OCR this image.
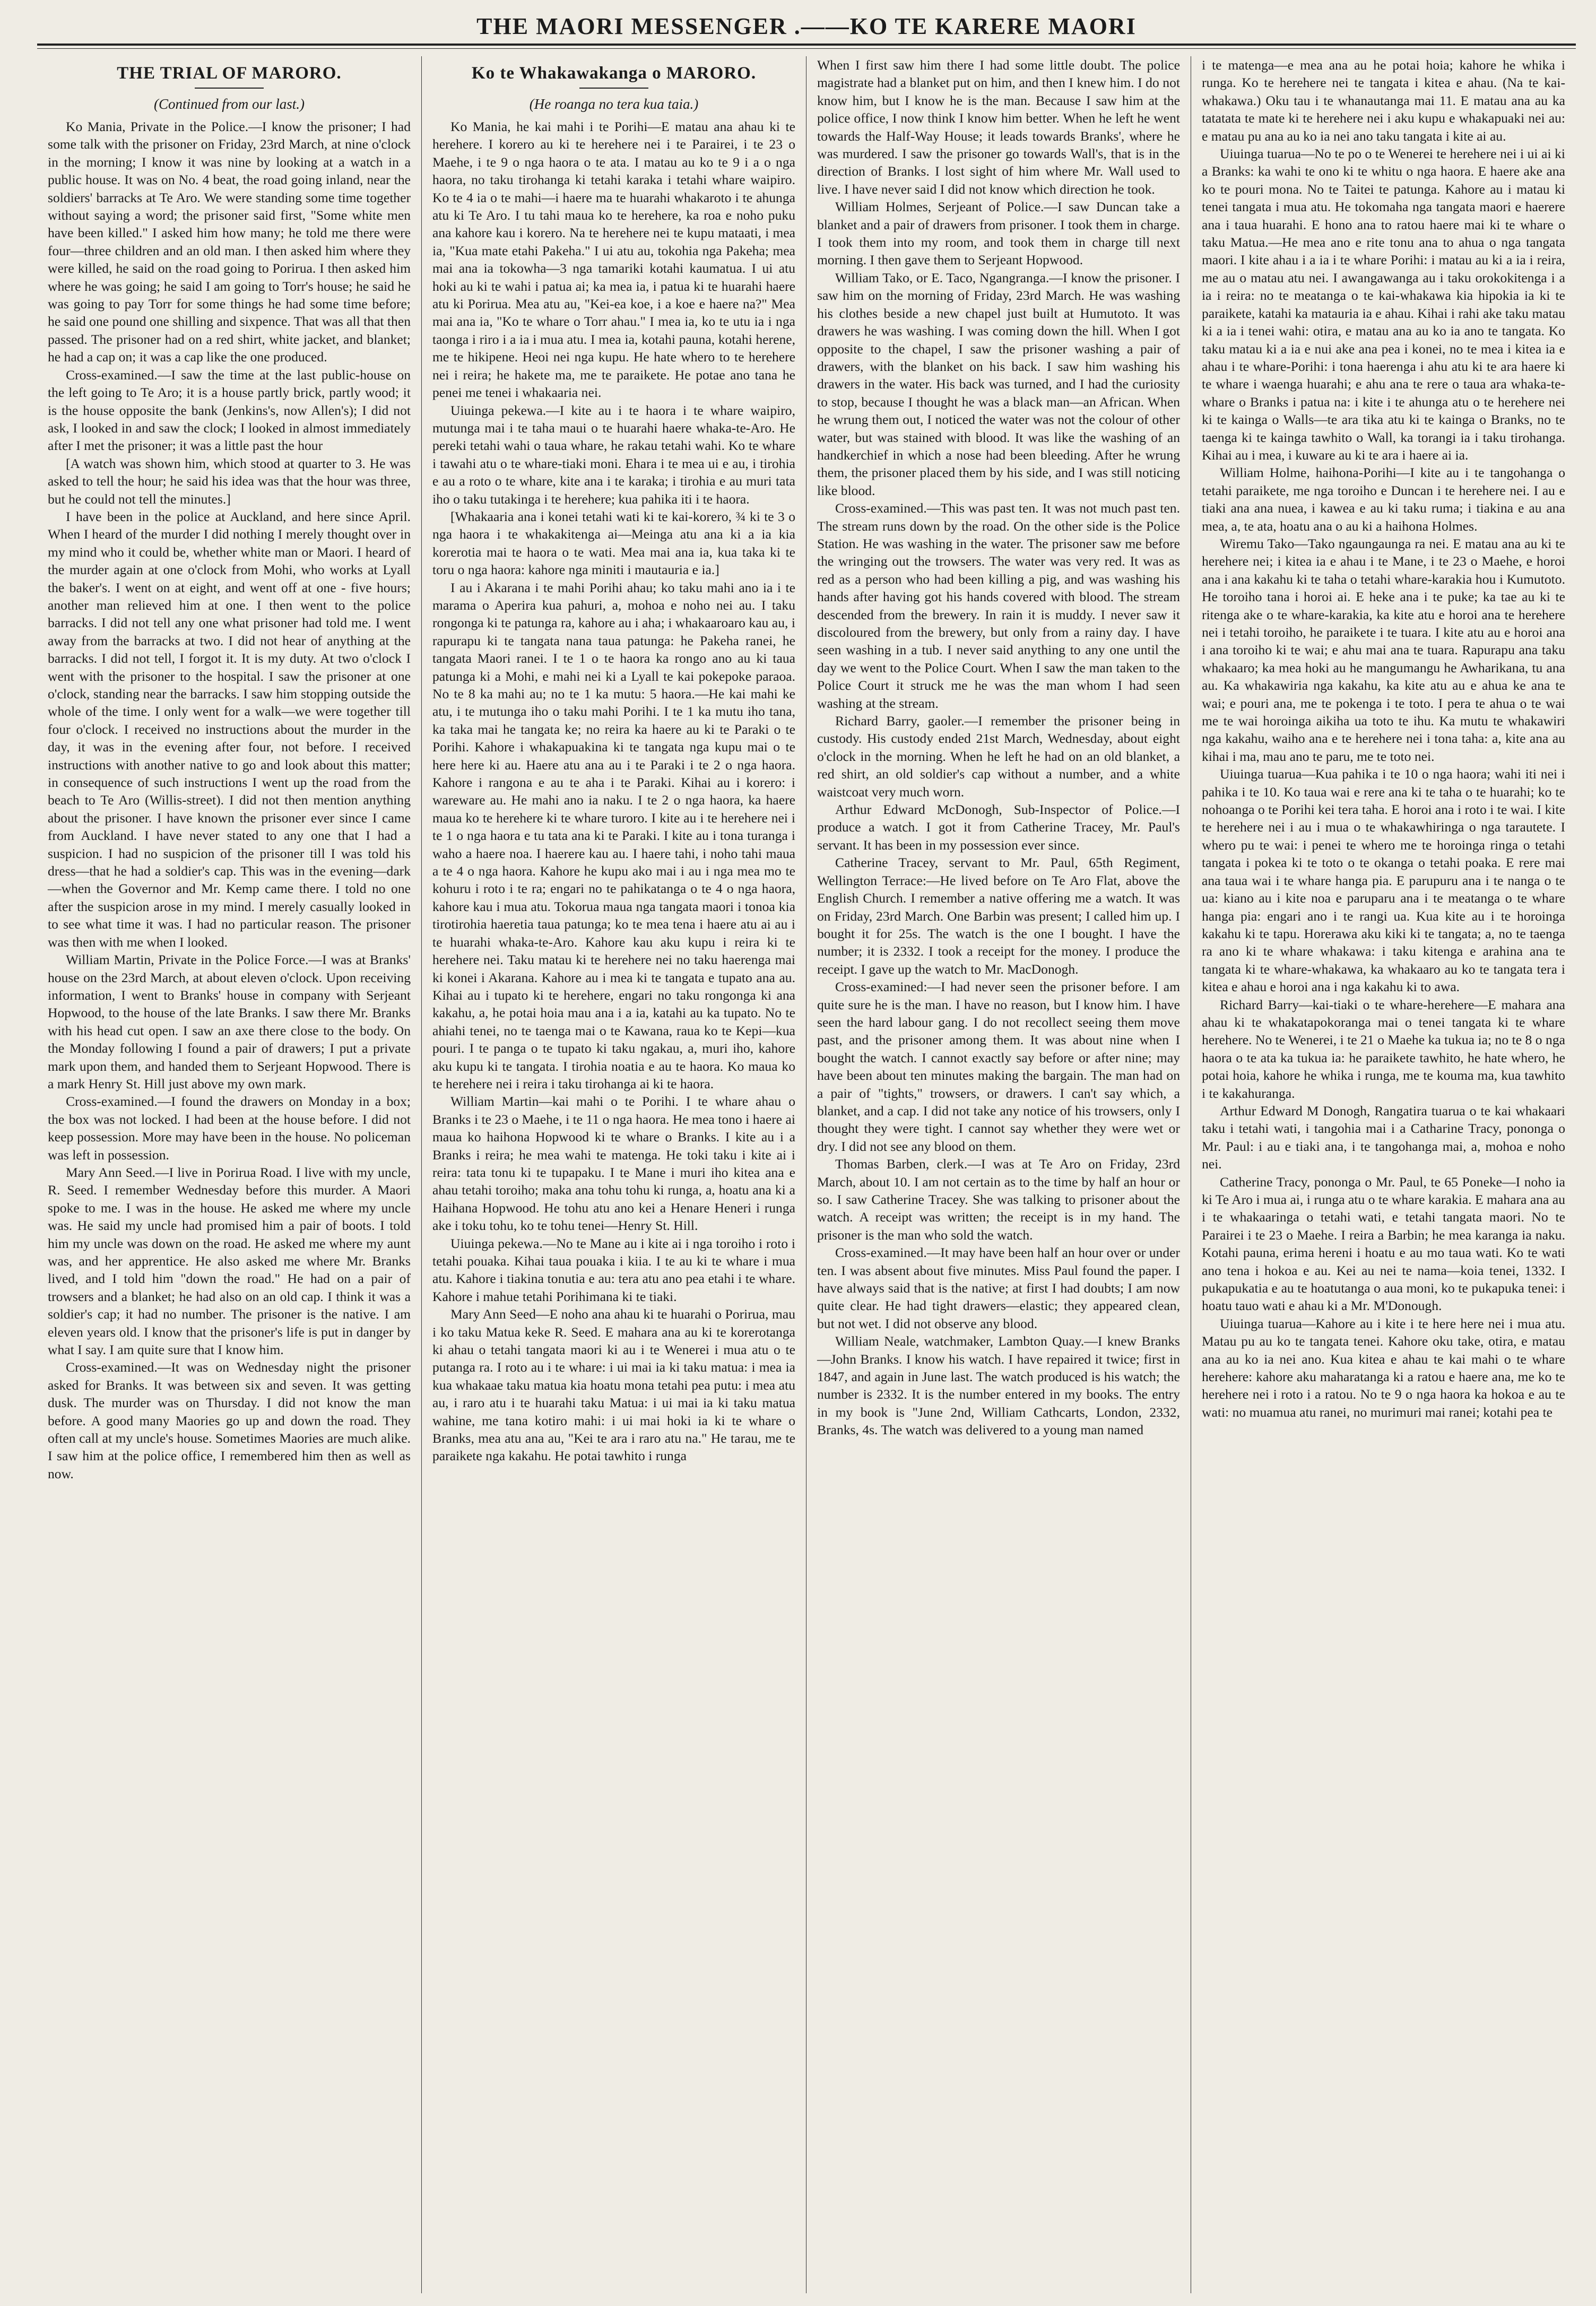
THE MAORI MESSENGER .——KO TE KARERE MAORI
THE TRIAL OF MARORO.
(Continued from our last.)

Ko Mania, Private in the Police.—I know the prisoner; I had some talk with the prisoner on Friday, 23rd March, at nine o'clock in the morning; I know it was nine by looking at a watch in a public house. It was on No. 4 beat, the road going inland, near the soldiers' barracks at Te Aro. We were standing some time together without saying a word; the prisoner said first, "Some white men have been killed." I asked him how many; he told me there were four—three children and an old man. I then asked him where they were killed, he said on the road going to Porirua. I then asked him where he was going; he said I am going to Torr's house; he said he was going to pay Torr for some things he had some time before; he said one pound one shilling and sixpence. That was all that then passed. The prisoner had on a red shirt, white jacket, and blanket; he had a cap on; it was a cap like the one produced.

Cross-examined.—I saw the time at the last public-house on the left going to Te Aro; it is a house partly brick, partly wood; it is the house opposite the bank (Jenkins's, now Allen's); I did not ask, I looked in and saw the clock; I looked in almost immediately after I met the prisoner; it was a little past the hour

[A watch was shown him, which stood at quarter to 3. He was asked to tell the hour; he said his idea was that the hour was three, but he could not tell the minutes.]

I have been in the police at Auckland, and here since April. When I heard of the murder I did nothing I merely thought over in my mind who it could be, whether white man or Maori. I heard of the murder again at one o'clock from Mohi, who works at Lyall the baker's. I went on at eight, and went off at one - five hours; another man relieved him at one. I then went to the police barracks. I did not tell any one what prisoner had told me. I went away from the barracks at two. I did not hear of anything at the barracks. I did not tell, I forgot it. It is my duty. At two o'clock I went with the prisoner to the hospital. I saw the prisoner at one o'clock, standing near the barracks. I saw him stopping outside the whole of the time. I only went for a walk—we were together till four o'clock. I received no instructions about the murder in the day, it was in the evening after four, not before. I received instructions with another native to go and look about this matter; in consequence of such instructions I went up the road from the beach to Te Aro (Willis-street). I did not then mention anything about the prisoner. I have known the prisoner ever since I came from Auckland. I have never stated to any one that I had a suspicion. I had no suspicion of the prisoner till I was told his dress—that he had a soldier's cap. This was in the evening—dark—when the Governor and Mr. Kemp came there. I told no one after the suspicion arose in my mind. I merely casually looked in to see what time it was. I had no particular reason. The prisoner was then with me when I looked.

William Martin, Private in the Police Force.—I was at Branks' house on the 23rd March, at about eleven o'clock. Upon receiving information, I went to Branks' house in company with Serjeant Hopwood, to the house of the late Branks. I saw there Mr. Branks with his head cut open. I saw an axe there close to the body. On the Monday following I found a pair of drawers; I put a private mark upon them, and handed them to Serjeant Hopwood. There is a mark Henry St. Hill just above my own mark.

Cross-examined.—I found the drawers on Monday in a box; the box was not locked. I had been at the house before. I did not keep possession. More may have been in the house. No policeman was left in possession.

Mary Ann Seed.—I live in Porirua Road. I live with my uncle, R. Seed. I remember Wednesday before this murder. A Maori spoke to me. I was in the house. He asked me where my uncle was. He said my uncle had promised him a pair of boots. I told him my uncle was down on the road. He asked me where my aunt was, and her apprentice. He also asked me where Mr. Branks lived, and I told him "down the road." He had on a pair of trowsers and a blanket; he had also on an old cap. I think it was a soldier's cap; it had no number. The prisoner is the native. I am eleven years old. I know that the prisoner's life is put in danger by what I say. I am quite sure that I know him.

Cross-examined.—It was on Wednesday night the prisoner asked for Branks. It was between six and seven. It was getting dusk. The murder was on Thursday. I did not know the man before. A good many Maories go up and down the road. They often call at my uncle's house. Sometimes Maories are much alike. I saw him at the police office, I remembered him then as well as now.

Ko te Whakawakanga o MARORO.
(He roanga no tera kua taia.)

Ko Mania, he kai mahi i te Porihi—E matau ana ahau ki te herehere. I korero au ki te herehere nei i te Parairei, i te 23 o Maehe, i te 9 o nga haora o te ata. I matau au ko te 9 i a o nga haora, no taku tirohanga ki tetahi karaka i tetahi whare waipiro. Ko te 4 ia o te mahi—i haere ma te huarahi whakaroto i te ahunga atu ki Te Aro. I tu tahi maua ko te herehere, ka roa e noho puku ana kahore kau i korero. Na te herehere nei te kupu mataati, i mea ia, "Kua mate etahi Pakeha." I ui atu au, tokohia nga Pakeha; mea mai ana ia tokowha—3 nga tamariki kotahi kaumatua. I ui atu hoki au ki te wahi i patua ai; ka mea ia, i patua ki te huarahi haere atu ki Porirua. Mea atu au, "Kei-ea koe, i a koe e haere na?" Mea mai ana ia, "Ko te whare o Torr ahau." I mea ia, ko te utu ia i nga taonga i riro i a ia i mua atu. I mea ia, kotahi pauna, kotahi herene, me te hikipene. Heoi nei nga kupu. He hate whero to te herehere nei i reira; he hakete ma, me te paraikete. He potae ano tana he penei me tenei i whakaaria nei.

Uiuinga pekewa.—I kite au i te haora i te whare waipiro, mutunga mai i te taha maui o te huarahi haere whaka-te-Aro. He pereki tetahi wahi o taua whare, he rakau tetahi wahi. Ko te whare i tawahi atu o te whare-tiaki moni. Ehara i te mea ui e au, i tirohia e au a roto o te whare, kite ana i te karaka; i tirohia e au muri tata iho o taku tutakinga i te herehere; kua pahika iti i te haora.

[Whakaaria ana i konei tetahi wati ki te kai-korero, ¾ ki te 3 o nga haora i te whakakitenga ai—Meinga atu ana ki a ia kia korerotia mai te haora o te wati. Mea mai ana ia, kua taka ki te toru o nga haora: kahore nga miniti i mautauria e ia.]

I au i Akarana i te mahi Porihi ahau; ko taku mahi ano ia i te marama o Aperira kua pahuri, a, mohoa e noho nei au. I taku rongonga ki te patunga ra, kahore au i aha; i whakaaroaro kau au, i rapurapu ki te tangata nana taua patunga: he Pakeha ranei, he tangata Maori ranei. I te 1 o te haora ka rongo ano au ki taua patunga ki a Mohi, e mahi nei ki a Lyall te kai pokepoke paraoa. No te 8 ka mahi au; no te 1 ka mutu: 5 haora.—He kai mahi ke atu, i te mutunga iho o taku mahi Porihi. I te 1 ka mutu iho tana, ka taka mai he tangata ke; no reira ka haere au ki te Paraki o te Porihi. Kahore i whakapuakina ki te tangata nga kupu mai o te here here ki au. Haere atu ana au i te Paraki i te 2 o nga haora. Kahore i rangona e au te aha i te Paraki. Kihai au i korero: i wareware au. He mahi ano ia naku. I te 2 o nga haora, ka haere maua ko te herehere ki te whare turoro. I kite au i te herehere nei i te 1 o nga haora e tu tata ana ki te Paraki. I kite au i tona turanga i waho a haere noa. I haerere kau au. I haere tahi, i noho tahi maua a te 4 o nga haora. Kahore he kupu ako mai i au i nga mea mo te kohuru i roto i te ra; engari no te pahikatanga o te 4 o nga haora, kahore kau i mua atu. Tokorua maua nga tangata maori i tonoa kia tirotirohia haeretia taua patunga; ko te mea tena i haere atu ai au i te huarahi whaka-te-Aro. Kahore kau aku kupu i reira ki te herehere nei. Taku matau ki te herehere nei no taku haerenga mai ki konei i Akarana. Kahore au i mea ki te tangata e tupato ana au. Kihai au i tupato ki te herehere, engari no taku rongonga ki ana kakahu, a, he potai hoia mau ana i a ia, katahi au ka tupato. No te ahiahi tenei, no te taenga mai o te Kawana, raua ko te Kepi—kua pouri. I te panga o te tupato ki taku ngakau, a, muri iho, kahore aku kupu ki te tangata. I tirohia noatia e au te haora. Ko maua ko te herehere nei i reira i taku tirohanga ai ki te haora.

William Martin—kai mahi o te Porihi. I te whare ahau o Branks i te 23 o Maehe, i te 11 o nga haora. He mea tono i haere ai maua ko haihona Hopwood ki te whare o Branks. I kite au i a Branks i reira; he mea wahi te matenga. He toki taku i kite ai i reira: tata tonu ki te tupapaku. I te Mane i muri iho kitea ana e ahau tetahi toroiho; maka ana tohu tohu ki runga, a, hoatu ana ki a Haihana Hopwood. He tohu atu ano kei a Henare Heneri i runga ake i toku tohu, ko te tohu tenei—Henry St. Hill.

Uiuinga pekewa.—No te Mane au i kite ai i nga toroiho i roto i tetahi pouaka. Kihai taua pouaka i kiia. I te au ki te whare i mua atu. Kahore i tiakina tonutia e au: tera atu ano pea etahi i te whare. Kahore i mahue tetahi Porihimana ki te tiaki.

Mary Ann Seed—E noho ana ahau ki te huarahi o Porirua, mau i ko taku Matua keke R. Seed. E mahara ana au ki te korerotanga ki ahau o tetahi tangata maori ki au i te Wenerei i mua atu o te putanga ra. I roto au i te whare: i ui mai ia ki taku matua: i mea ia kua whakaae taku matua kia hoatu mona tetahi pea putu: i mea atu au, i raro atu i te huarahi taku Matua: i ui mai ia ki taku matua wahine, me tana kotiro mahi: i ui mai hoki ia ki te whare o Branks, mea atu ana au, "Kei te ara i raro atu na." He tarau, me te paraikete nga kakahu. He potai tawhito i runga

When I first saw him there I had some little doubt. The police magistrate had a blanket put on him, and then I knew him. I do not know him, but I know he is the man. Because I saw him at the police office, I now think I know him better. When he left he went towards the Half-Way House; it leads towards Branks', where he was murdered. I saw the prisoner go towards Wall's, that is in the direction of Branks. I lost sight of him where Mr. Wall used to live. I have never said I did not know which direction he took.

William Holmes, Serjeant of Police.—I saw Duncan take a blanket and a pair of drawers from prisoner. I took them in charge. I took them into my room, and took them in charge till next morning. I then gave them to Serjeant Hopwood.

William Tako, or E. Taco, Ngangranga.—I know the prisoner. I saw him on the morning of Friday, 23rd March. He was washing his clothes beside a new chapel just built at Humutoto. It was drawers he was washing. I was coming down the hill. When I got opposite to the chapel, I saw the prisoner washing a pair of drawers, with the blanket on his back. I saw him washing his drawers in the water. His back was turned, and I had the curiosity to stop, because I thought he was a black man—an African. When he wrung them out, I noticed the water was not the colour of other water, but was stained with blood. It was like the washing of an handkerchief in which a nose had been bleeding. After he wrung them, the prisoner placed them by his side, and I was still noticing like blood.

Cross-examined.—This was past ten. It was not much past ten. The stream runs down by the road. On the other side is the Police Station. He was washing in the water. The prisoner saw me before the wringing out the trowsers. The water was very red. It was as red as a person who had been killing a pig, and was washing his hands after having got his hands covered with blood. The stream descended from the brewery. In rain it is muddy. I never saw it discoloured from the brewery, but only from a rainy day. I have seen washing in a tub. I never said anything to any one until the day we went to the Police Court. When I saw the man taken to the Police Court it struck me he was the man whom I had seen washing at the stream.

Richard Barry, gaoler.—I remember the prisoner being in custody. His custody ended 21st March, Wednesday, about eight o'clock in the morning. When he left he had on an old blanket, a red shirt, an old soldier's cap without a number, and a white waistcoat very much worn.

Arthur Edward McDonogh, Sub-Inspector of Police.—I produce a watch. I got it from Catherine Tracey, Mr. Paul's servant. It has been in my possession ever since.

Catherine Tracey, servant to Mr. Paul, 65th Regiment, Wellington Terrace:—He lived before on Te Aro Flat, above the English Church. I remember a native offering me a watch. It was on Friday, 23rd March. One Barbin was present; I called him up. I bought it for 25s. The watch is the one I bought. I have the number; it is 2332. I took a receipt for the money. I produce the receipt. I gave up the watch to Mr. MacDonogh.

Cross-examined:—I had never seen the prisoner before. I am quite sure he is the man. I have no reason, but I know him. I have seen the hard labour gang. I do not recollect seeing them move past, and the prisoner among them. It was about nine when I bought the watch. I cannot exactly say before or after nine; may have been about ten minutes making the bargain. The man had on a pair of "tights," trowsers, or drawers. I can't say which, a blanket, and a cap. I did not take any notice of his trowsers, only I thought they were tight. I cannot say whether they were wet or dry. I did not see any blood on them.

Thomas Barben, clerk.—I was at Te Aro on Friday, 23rd March, about 10. I am not certain as to the time by half an hour or so. I saw Catherine Tracey. She was talking to prisoner about the watch. A receipt was written; the receipt is in my hand. The prisoner is the man who sold the watch.

Cross-examined.—It may have been half an hour over or under ten. I was absent about five minutes. Miss Paul found the paper. I have always said that is the native; at first I had doubts; I am now quite clear. He had tight drawers—elastic; they appeared clean, but not wet. I did not observe any blood.

William Neale, watchmaker, Lambton Quay.—I knew Branks—John Branks. I know his watch. I have repaired it twice; first in 1847, and again in June last. The watch produced is his watch; the number is 2332. It is the number entered in my books. The entry in my book is "June 2nd, William Cathcarts, London, 2332, Branks, 4s. The watch was delivered to a young man named

i te matenga—e mea ana au he potai hoia; kahore he whika i runga. Ko te herehere nei te tangata i kitea e ahau. (Na te kai-whakawa.) Oku tau i te whanautanga mai 11. E matau ana au ka tatatata te mate ki te herehere nei i aku kupu e whakapuaki nei au: e matau pu ana au ko ia nei ano taku tangata i kite ai au.

Uiuinga tuarua—No te po o te Wenerei te herehere nei i ui ai ki a Branks: ka wahi te ono ki te whitu o nga haora. E haere ake ana ko te pouri mona. No te Taitei te patunga. Kahore au i matau ki tenei tangata i mua atu. He tokomaha nga tangata maori e haerere ana i taua huarahi. E hono ana to ratou haere mai ki te whare o taku Matua.—He mea ano e rite tonu ana to ahua o nga tangata maori. I kite ahau i a ia i te whare Porihi: i matau au ki a ia i reira, me au o matau atu nei. I awangawanga au i taku orokokitenga i a ia i reira: no te meatanga o te kai-whakawa kia hipokia ia ki te paraikete, katahi ka matauria ia e ahau. Kihai i rahi ake taku matau ki a ia i tenei wahi: otira, e matau ana au ko ia ano te tangata. Ko taku matau ki a ia e nui ake ana pea i konei, no te mea i kitea ia e ahau i te whare-Porihi: i tona haerenga i ahu atu ki te ara haere ki te whare i waenga huarahi; e ahu ana te rere o taua ara whaka-te-whare o Branks i patua na: i kite i te ahunga atu o te herehere nei ki te kainga o Walls—te ara tika atu ki te kainga o Branks, no te taenga ki te kainga tawhito o Wall, ka torangi ia i taku tirohanga. Kihai au i mea, i kuware au ki te ara i haere ai ia.

William Holme, haihona-Porihi—I kite au i te tangohanga o tetahi paraikete, me nga toroiho e Duncan i te herehere nei. I au e tiaki ana ana nuea, i kawea e au ki taku ruma; i tiakina e au ana mea, a, te ata, hoatu ana o au ki a haihona Holmes.

Wiremu Tako—Tako ngaungaunga ra nei. E matau ana au ki te herehere nei; i kitea ia e ahau i te Mane, i te 23 o Maehe, e horoi ana i ana kakahu ki te taha o tetahi whare-karakia hou i Kumutoto. He toroiho tana i horoi ai. E heke ana i te puke; ka tae au ki te ritenga ake o te whare-karakia, ka kite atu e horoi ana te herehere nei i tetahi toroiho, he paraikete i te tuara. I kite atu au e horoi ana i ana toroiho ki te wai; e ahu mai ana te tuara. Rapurapu ana taku whakaaro; ka mea hoki au he mangumangu he Awharikana, tu ana au. Ka whakawiria nga kakahu, ka kite atu au e ahua ke ana te wai; e pouri ana, me te pokenga i te toto. I pera te ahua o te wai me te wai horoinga aikiha ua toto te ihu. Ka mutu te whakawiri nga kakahu, waiho ana e te herehere nei i tona taha: a, kite ana au kihai i ma, mau ano te paru, me te toto nei.

Uiuinga tuarua—Kua pahika i te 10 o nga haora; wahi iti nei i pahika i te 10. Ko taua wai e rere ana ki te taha o te huarahi; ko te nohoanga o te Porihi kei tera taha. E horoi ana i roto i te wai. I kite te herehere nei i au i mua o te whakawhiringa o nga tarautete. I whero pu te wai: i penei te whero me te horoinga ringa o tetahi tangata i pokea ki te toto o te okanga o tetahi poaka. E rere mai ana taua wai i te whare hanga pia. E parupuru ana i te nanga o te ua: kiano au i kite noa e paruparu ana i te meatanga o te whare hanga pia: engari ano i te rangi ua. Kua kite au i te horoinga kakahu ki te tapu. Horerawa aku kiki ki te tangata; a, no te taenga ra ano ki te whare whakawa: i taku kitenga e arahina ana te tangata ki te whare-whakawa, ka whakaaro au ko te tangata tera i kitea e ahau e horoi ana i nga kakahu ki to awa.

Richard Barry—kai-tiaki o te whare-herehere—E mahara ana ahau ki te whakatapokoranga mai o tenei tangata ki te whare herehere. No te Wenerei, i te 21 o Maehe ka tukua ia; no te 8 o nga haora o te ata ka tukua ia: he paraikete tawhito, he hate whero, he potai hoia, kahore he whika i runga, me te kouma ma, kua tawhito i te kakahuranga.

Arthur Edward M Donogh, Rangatira tuarua o te kai whakaari taku i tetahi wati, i tangohia mai i a Catharine Tracy, pononga o Mr. Paul: i au e tiaki ana, i te tangohanga mai, a, mohoa e noho nei.

Catherine Tracy, pononga o Mr. Paul, te 65 Poneke—I noho ia ki Te Aro i mua ai, i runga atu o te whare karakia. E mahara ana au i te whakaaringa o tetahi wati, e tetahi tangata maori. No te Parairei i te 23 o Maehe. I reira a Barbin; he mea karanga ia naku. Kotahi pauna, erima hereni i hoatu e au mo taua wati. Ko te wati ano tena i hokoa e au. Kei au nei te nama—koia tenei, 1332. I pukapukatia e au te hoatutanga o aua moni, ko te pukapuka tenei: i hoatu tauo wati e ahau ki a Mr. M'Donough.

Uiuinga tuarua—Kahore au i kite i te here here nei i mua atu. Matau pu au ko te tangata tenei. Kahore oku take, otira, e matau ana au ko ia nei ano. Kua kitea e ahau te kai mahi o te whare herehere: kahore aku maharatanga ki a ratou e haere ana, me ko te herehere nei i roto i a ratou. No te 9 o nga haora ka hokoa e au te wati: no muamua atu ranei, no murimuri mai ranei; kotahi pea te
